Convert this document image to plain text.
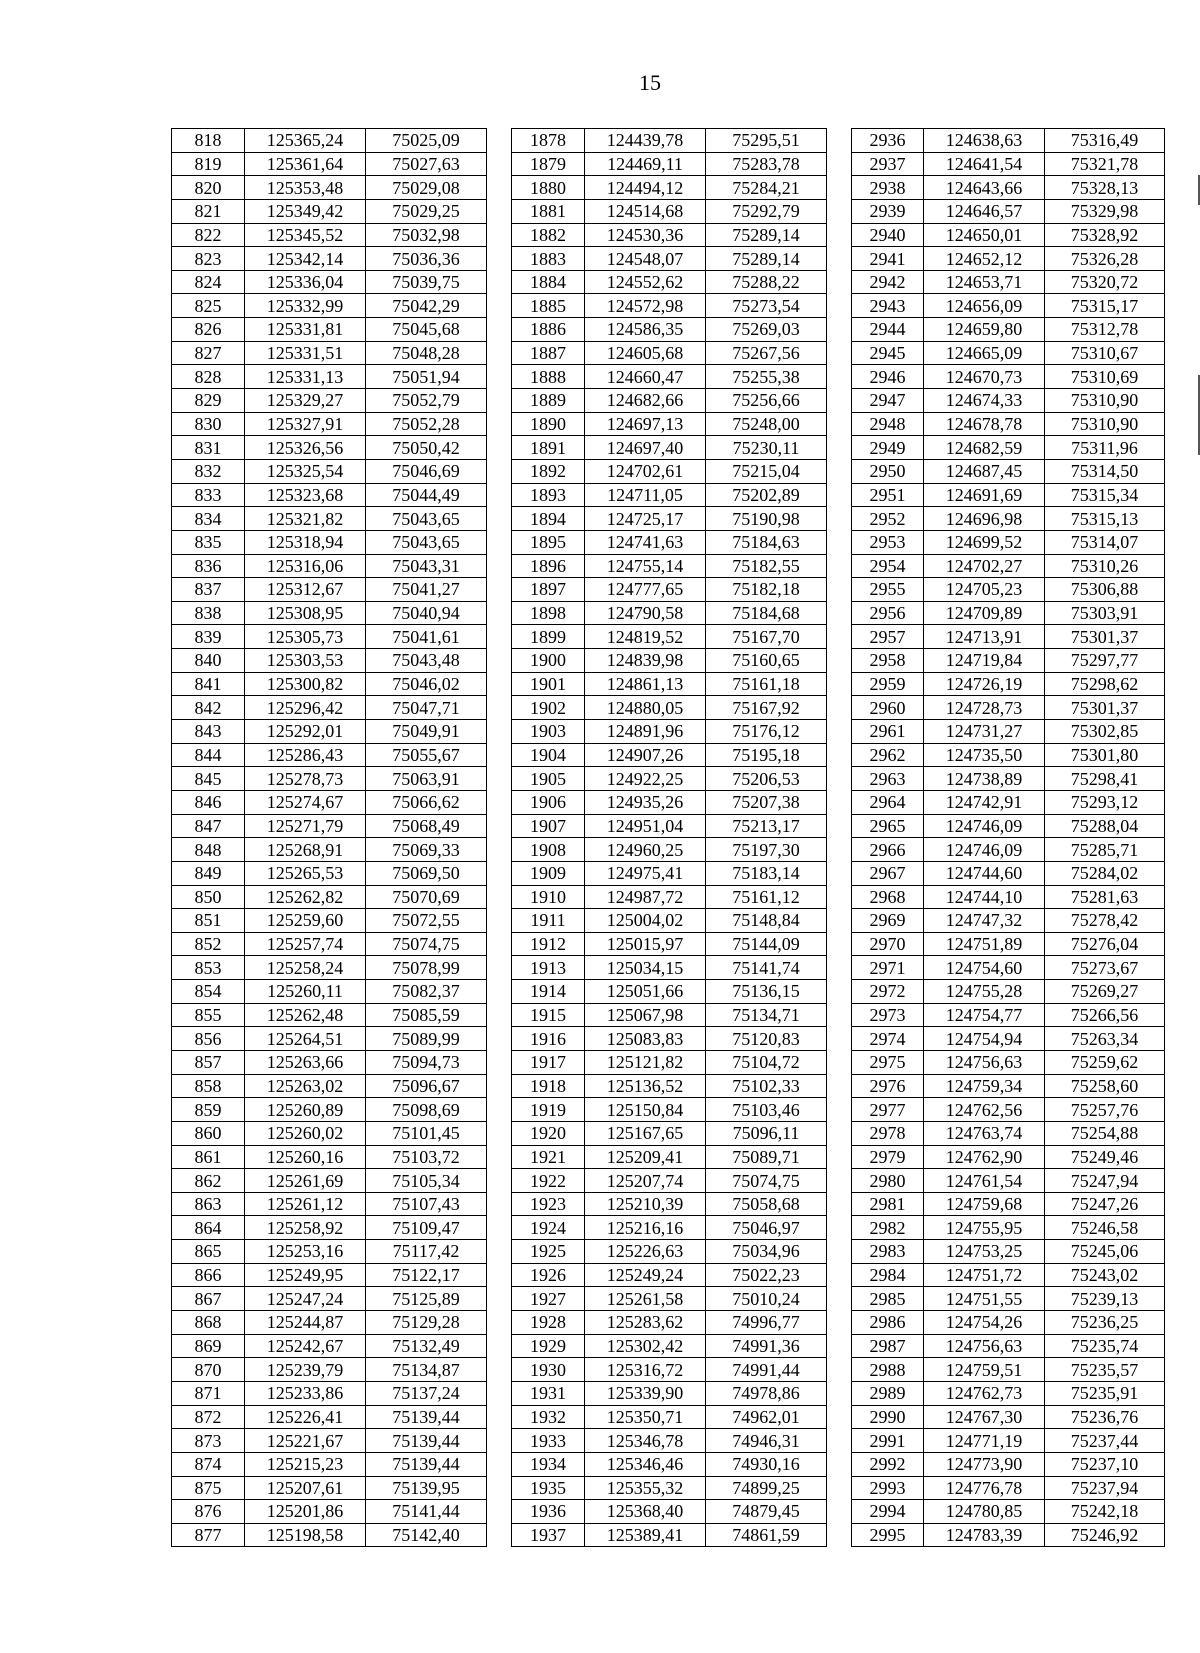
15
818	125365,24	75025,09		1878	124439,78	75295,51		2936	124638,63	75316,49
819	125361,64	75027,63		1879	124469,11	75283,78		2937	124641,54	75321,78
820	125353,48	75029,08		1880	124494,12	75284,21		2938	124643,66	75328,13
821	125349,42	75029,25		1881	124514,68	75292,79		2939	124646,57	75329,98
822	125345,52	75032,98		1882	124530,36	75289,14		2940	124650,01	75328,92
823	125342,14	75036,36		1883	124548,07	75289,14		2941	124652,12	75326,28
824	125336,04	75039,75		1884	124552,62	75288,22		2942	124653,71	75320,72
825	125332,99	75042,29		1885	124572,98	75273,54		2943	124656,09	75315,17
826	125331,81	75045,68		1886	124586,35	75269,03		2944	124659,80	75312,78
827	125331,51	75048,28		1887	124605,68	75267,56		2945	124665,09	75310,67
828	125331,13	75051,94		1888	124660,47	75255,38		2946	124670,73	75310,69
829	125329,27	75052,79		1889	124682,66	75256,66		2947	124674,33	75310,90
830	125327,91	75052,28		1890	124697,13	75248,00		2948	124678,78	75310,90
831	125326,56	75050,42		1891	124697,40	75230,11		2949	124682,59	75311,96
832	125325,54	75046,69		1892	124702,61	75215,04		2950	124687,45	75314,50
833	125323,68	75044,49		1893	124711,05	75202,89		2951	124691,69	75315,34
834	125321,82	75043,65		1894	124725,17	75190,98		2952	124696,98	75315,13
835	125318,94	75043,65		1895	124741,63	75184,63		2953	124699,52	75314,07
836	125316,06	75043,31		1896	124755,14	75182,55		2954	124702,27	75310,26
837	125312,67	75041,27		1897	124777,65	75182,18		2955	124705,23	75306,88
838	125308,95	75040,94		1898	124790,58	75184,68		2956	124709,89	75303,91
839	125305,73	75041,61		1899	124819,52	75167,70		2957	124713,91	75301,37
840	125303,53	75043,48		1900	124839,98	75160,65		2958	124719,84	75297,77
841	125300,82	75046,02		1901	124861,13	75161,18		2959	124726,19	75298,62
842	125296,42	75047,71		1902	124880,05	75167,92		2960	124728,73	75301,37
843	125292,01	75049,91		1903	124891,96	75176,12		2961	124731,27	75302,85
844	125286,43	75055,67		1904	124907,26	75195,18		2962	124735,50	75301,80
845	125278,73	75063,91		1905	124922,25	75206,53		2963	124738,89	75298,41
846	125274,67	75066,62		1906	124935,26	75207,38		2964	124742,91	75293,12
847	125271,79	75068,49		1907	124951,04	75213,17		2965	124746,09	75288,04
848	125268,91	75069,33		1908	124960,25	75197,30		2966	124746,09	75285,71
849	125265,53	75069,50		1909	124975,41	75183,14		2967	124744,60	75284,02
850	125262,82	75070,69		1910	124987,72	75161,12		2968	124744,10	75281,63
851	125259,60	75072,55		1911	125004,02	75148,84		2969	124747,32	75278,42
852	125257,74	75074,75		1912	125015,97	75144,09		2970	124751,89	75276,04
853	125258,24	75078,99		1913	125034,15	75141,74		2971	124754,60	75273,67
854	125260,11	75082,37		1914	125051,66	75136,15		2972	124755,28	75269,27
855	125262,48	75085,59		1915	125067,98	75134,71		2973	124754,77	75266,56
856	125264,51	75089,99		1916	125083,83	75120,83		2974	124754,94	75263,34
857	125263,66	75094,73		1917	125121,82	75104,72		2975	124756,63	75259,62
858	125263,02	75096,67		1918	125136,52	75102,33		2976	124759,34	75258,60
859	125260,89	75098,69		1919	125150,84	75103,46		2977	124762,56	75257,76
860	125260,02	75101,45		1920	125167,65	75096,11		2978	124763,74	75254,88
861	125260,16	75103,72		1921	125209,41	75089,71		2979	124762,90	75249,46
862	125261,69	75105,34		1922	125207,74	75074,75		2980	124761,54	75247,94
863	125261,12	75107,43		1923	125210,39	75058,68		2981	124759,68	75247,26
864	125258,92	75109,47		1924	125216,16	75046,97		2982	124755,95	75246,58
865	125253,16	75117,42		1925	125226,63	75034,96		2983	124753,25	75245,06
866	125249,95	75122,17		1926	125249,24	75022,23		2984	124751,72	75243,02
867	125247,24	75125,89		1927	125261,58	75010,24		2985	124751,55	75239,13
868	125244,87	75129,28		1928	125283,62	74996,77		2986	124754,26	75236,25
869	125242,67	75132,49		1929	125302,42	74991,36		2987	124756,63	75235,74
870	125239,79	75134,87		1930	125316,72	74991,44		2988	124759,51	75235,57
871	125233,86	75137,24		1931	125339,90	74978,86		2989	124762,73	75235,91
872	125226,41	75139,44		1932	125350,71	74962,01		2990	124767,30	75236,76
873	125221,67	75139,44		1933	125346,78	74946,31		2991	124771,19	75237,44
874	125215,23	75139,44		1934	125346,46	74930,16		2992	124773,90	75237,10
875	125207,61	75139,95		1935	125355,32	74899,25		2993	124776,78	75237,94
876	125201,86	75141,44		1936	125368,40	74879,45		2994	124780,85	75242,18
877	125198,58	75142,40		1937	125389,41	74861,59		2995	124783,39	75246,92
